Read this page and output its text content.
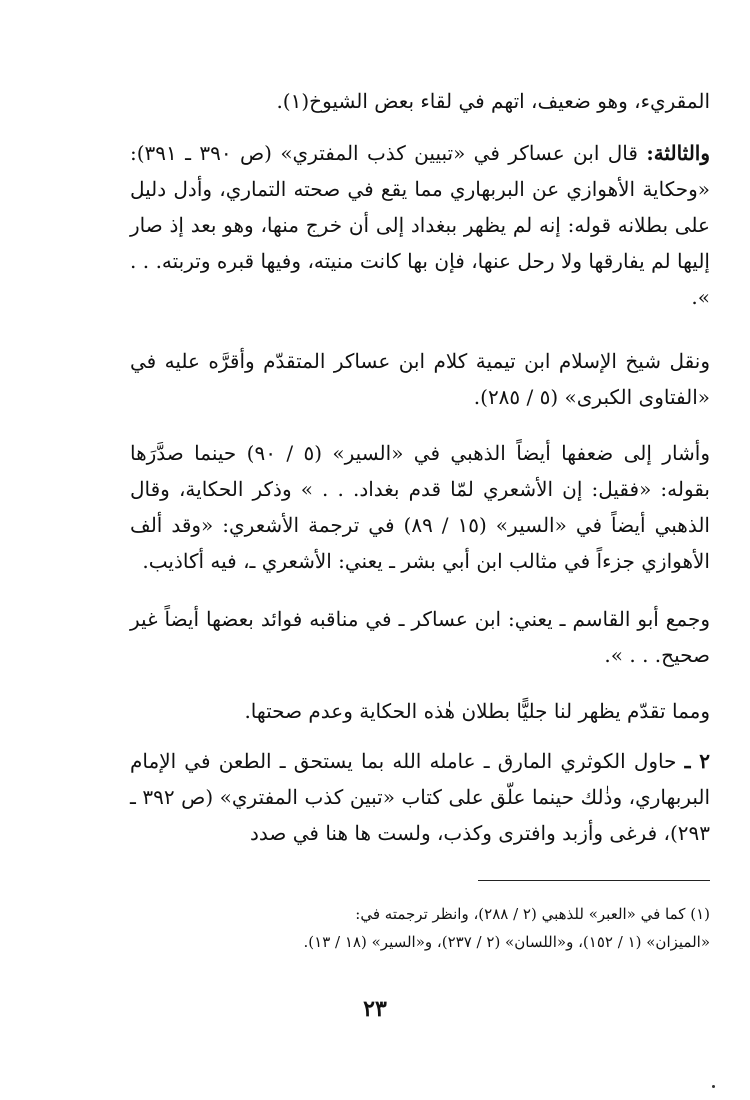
المقريء، وهو ضعيف، اتهم في لقاء بعض الشيوخ(١).

والثالثة: قال ابن عساكر في «تبيين كذب المفتري» (ص ٣٩٠ ـ ٣٩١): «وحكاية الأهوازي عن البربهاري مما يقع في صحته التماري، وأدل دليل على بطلانه قوله: إنه لم يظهر ببغداد إلى أن خرج منها، وهو بعد إذ صار إليها لم يفارقها ولا رحل عنها، فإن بها كانت منيته، وفيها قبره وتربته. . . ».

ونقل شيخ الإسلام ابن تيمية كلام ابن عساكر المتقدّم وأقرَّه عليه في «الفتاوى الكبرى» (٥ / ٢٨٥).

وأشار إلى ضعفها أيضاً الذهبي في «السير» (٥ / ٩٠) حينما صدَّرَها بقوله: «فقيل: إن الأشعري لمّا قدم بغداد. . . » وذكر الحكاية، وقال الذهبي أيضاً في «السير» (١٥ / ٨٩) في ترجمة الأشعري: «وقد ألف الأهوازي جزءاً في مثالب ابن أبي بشر ـ يعني: الأشعري ـ، فيه أكاذيب.

وجمع أبو القاسم ـ يعني: ابن عساكر ـ في مناقبه فوائد بعضها أيضاً غير صحيح. . . ».

ومما تقدّم يظهر لنا جليًّا بطلان هٰذه الحكاية وعدم صحتها.

٢ ـ حاول الكوثري المارق ـ عامله الله بما يستحق ـ الطعن في الإمام البربهاري، وذٰلك حينما علّق على كتاب «تبين كذب المفتري» (ص ٣٩٢ ـ ٢٩٣)، فرغى وأزبد وافترى وكذب، ولست ها هنا في صدد

(١) كما في «العبر» للذهبي (٢ / ٢٨٨)، وانظر ترجمته في:

«الميزان» (١ / ١٥٢)، و«اللسان» (٢ / ٢٣٧)، و«السير» (١٨ / ١٣).

٢٣
